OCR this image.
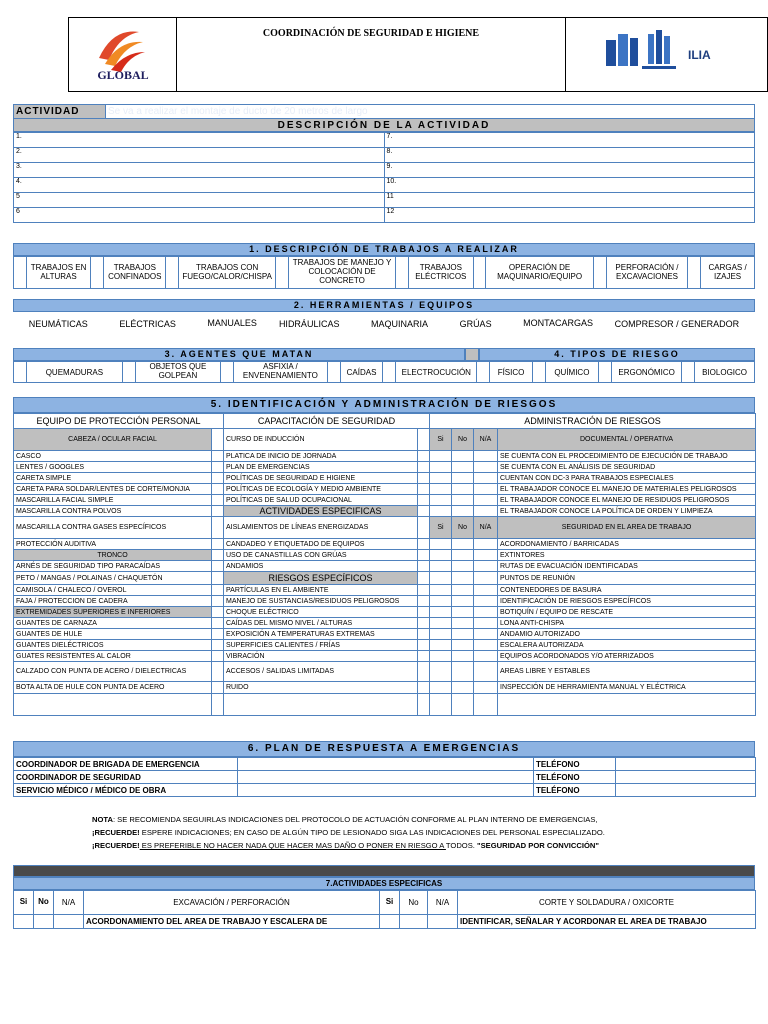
GLOBAL
COORDINACIÓN DE SEGURIDAD E HIGIENE
ILIA
ACTIVIDAD	Se va a realizar el montaje de ducto de 20 metros de largo
DESCRIPCIÓN DE LA ACTIVIDAD
1.	7.
2.	8.
3.	9.
4.	10.
5	11
6	12
1. DESCRIPCIÓN DE TRABAJOS A REALIZAR
	TRABAJOS EN ALTURAS		TRABAJOS CONFINADOS		TRABAJOS CON FUEGO/CALOR/CHISPA		TRABAJOS DE MANEJO Y COLOCACIÓN DE CONCRETO		TRABAJOS ELÉCTRICOS		OPERACIÓN DE MAQUINARIO/EQUIPO		PERFORACIÓN / EXCAVACIONES		CARGAS / IZAJES
2. HERRAMIENTAS / EQUIPOS
NEUMÁTICAS	ELÉCTRICAS	MANUALES HIDRÁULICAS	MAQUINARIA	GRÚAS	MONTACARGAS COMPRESOR / GENERADOR
3. AGENTES QUE MATAN	4. TIPOS DE RIESGO
	QUEMADURAS		OBJETOS QUE GOLPEAN		ASFIXIA / ENVENENAMIENTO		CAÍDAS		ELECTROCUCIÓN		FÍSICO		QUÍMICO		ERGONÓMICO		BIOLOGICO
5. IDENTIFICACIÓN Y ADMINISTRACIÓN DE RIESGOS
EQUIPO DE PROTECCIÓN PERSONAL		CAPACITACIÓN DE SEGURIDAD		ADMINISTRACIÓN DE RIESGOS			
CABEZA / OCULAR FACIAL		CURSO DE INDUCCIÓN		Si	No	N/A	DOCUMENTAL / OPERATIVA
CASCO		PLATICA DE INICIO DE JORNADA					SE CUENTA CON EL PROCEDIMIENTO DE EJECUCIÓN DE TRABAJO
LENTES / GOOGLES		PLAN DE EMERGENCIAS					SE CUENTA CON EL ANÁLISIS DE SEGURIDAD
CARETA SIMPLE		POLÍTICAS DE SEGURIDAD E HIGIENE					CUENTAN CON DC-3 PARA TRABAJOS ESPECIALES
CARETA PARA SOLDAR/LENTES DE CORTE/MONJIA		POLÍTICAS DE ECOLOGÍA Y MEDIO AMBIENTE					EL TRABAJADOR CONOCE EL MANEJO DE MATERIALES PELIGROSOS
MASCARILLA FACIAL SIMPLE		POLÍTICAS DE SALUD OCUPACIONAL					EL TRABAJADOR CONOCE EL MANEJO DE RESIDUOS PELIGROSOS
MASCARILLA CONTRA POLVOS		ACTIVIDADES ESPECIFICAS					EL TRABAJADOR CONOCE LA POLÍTICA DE ORDEN Y LIMPIEZA
MASCARILLA CONTRA GASES ESPECÍFICOS		AISLAMIENTOS DE LÍNEAS ENERGIZADAS		Si	No	N/A	SEGURIDAD EN EL AREA DE TRABAJO
PROTECCIÓN AUDITIVA		CANDADEO Y ETIQUETADO DE EQUIPOS					ACORDONAMIENTO / BARRICADAS
TRONCO		USO DE CANASTILLAS CON GRÚAS					EXTINTORES
ARNÉS DE SEGURIDAD TIPO PARACAÍDAS		ANDAMIOS					RUTAS DE EVACUACIÓN IDENTIFICADAS
PETO / MANGAS / POLAINAS / CHAQUETÓN		RIESGOS ESPECÍFICOS					PUNTOS DE REUNIÓN
CAMISOLA / CHALECO / OVEROL		PARTÍCULAS EN EL AMBIENTE					CONTENEDORES DE BASURA
FAJA / PROTECCION DE CADERA		MANEJO DE SUSTANCIAS/RESIDUOS PELIGROSOS					IDENTIFICACIÓN DE RIESGOS ESPECÍFICOS
EXTREMIDADES SUPERIORES E INFERIORES		CHOQUE ELÉCTRICO					BOTIQUÍN / EQUIPO DE RESCATE
GUANTES DE CARNAZA		CAÍDAS DEL MISMO NIVEL / ALTURAS					LONA ANTI-CHISPA
GUANTES DE HULE		EXPOSICIÓN A TEMPERATURAS EXTREMAS					ANDAMIO AUTORIZADO
GUANTES DIELÉCTRICOS		SUPERFICIES CALIENTES / FRÍAS					ESCALERA AUTORIZADA
GUATES RESISTENTES AL CALOR		VIBRACIÓN					EQUIPOS ACORDONADOS Y/O ATERRIZADOS
CALZADO CON PUNTA DE ACERO / DIELECTRICAS		ACCESOS / SALIDAS LIMITADAS					AREAS LIBRE Y ESTABLES
BOTA ALTA DE HULE CON PUNTA DE ACERO		RUIDO					INSPECCIÓN DE HERRAMIENTA MANUAL Y ELÉCTRICA

6. PLAN DE RESPUESTA A EMERGENCIAS
COORDINADOR DE BRIGADA DE EMERGENCIA		TELÉFONO	
COORDINADOR DE SEGURIDAD		TELÉFONO	
SERVICIO MÉDICO / MÉDICO DE OBRA		TELÉFONO	
NOTA: SE RECOMIENDA SEGUIRLAS INDICACIONES DEL PROTOCOLO DE ACTUACIÓN CONFORME AL PLAN INTERNO DE EMERGENCIAS,
¡RECUERDE! ESPERE INDICACIONES; EN CASO DE ALGÚN TIPO DE LESIONADO SIGA LAS INDICACIONES DEL PERSONAL ESPECIALIZADO.
¡RECUERDE! ES PREFERIBLE NO HACER NADA QUE HACER MAS DAÑO O PONER EN RIESGO A TODOS. "SEGURIDAD POR CONVICCIÓN"
7.ACTIVIDADES ESPECIFICAS
Si	No	N/A	EXCAVACIÓN / PERFORACIÓN	Si	No	N/A	CORTE Y SOLDADURA / OXICORTE
			ACORDONAMIENTO DEL AREA DE TRABAJO Y ESCALERA DE				IDENTIFICAR, SEÑALAR Y ACORDONAR EL AREA DE TRABAJO
